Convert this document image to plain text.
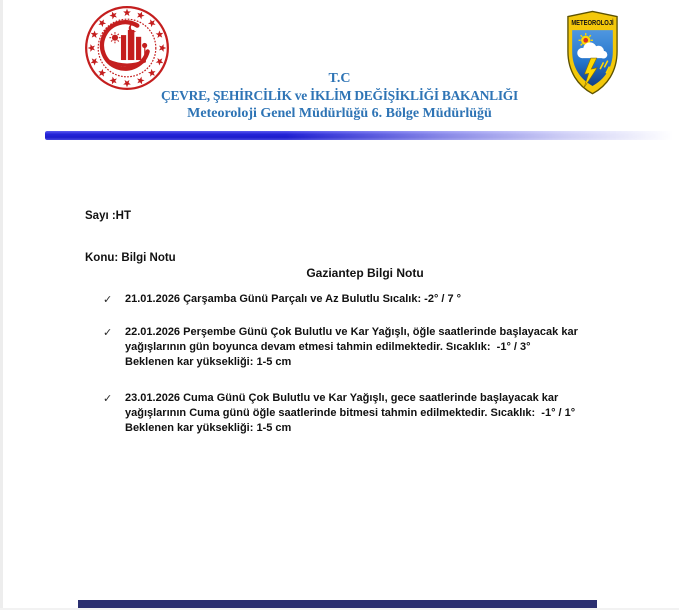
METEOROLOJİ
T.C
ÇEVRE, ŞEHİRCİLİK ve İKLİM DEĞİŞİKLİĞİ BAKANLIĞI
Meteoroloji Genel Müdürlüğü 6. Bölge Müdürlüğü

Sayı :HT

Konu: Bilgi Notu

Gaziantep Bilgi Notu
✓	21.01.2026 Çarşamba Günü Parçalı ve Az Bulutlu Sıcalık: -2° / 7 °
✓	22.01.2026 Perşembe Günü Çok Bulutlu ve Kar Yağışlı, öğle saatlerinde başlayacak kar
yağışlarının gün boyunca devam etmesi tahmin edilmektedir. Sıcaklık:  -1° / 3°
Beklenen kar yüksekliği: 1-5 cm
✓	23.01.2026 Cuma Günü Çok Bulutlu ve Kar Yağışlı, gece saatlerinde başlayacak kar
yağışlarının Cuma günü öğle saatlerinde bitmesi tahmin edilmektedir. Sıcaklık:  -1° / 1°
Beklenen kar yüksekliği: 1-5 cm
